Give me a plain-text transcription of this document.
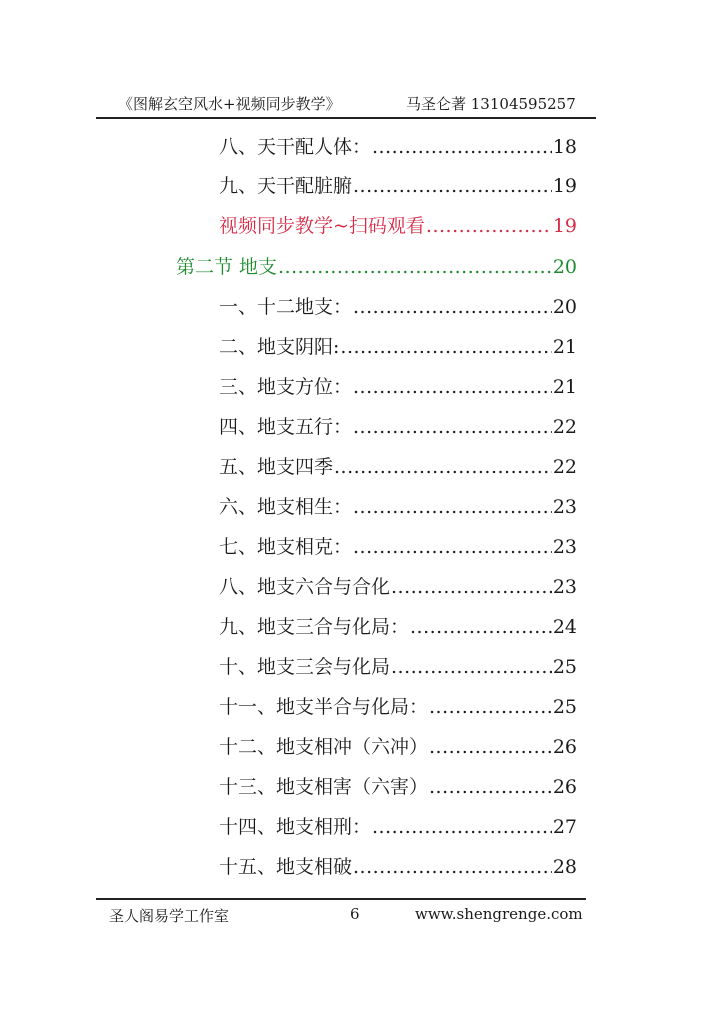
《图解玄空风水+视频同步教学》	马圣仑著 13104595257
八、天干配人体： .....	18
九、天干配脏腑 .....	19
视频同步教学~扫码观看 .....	19
第二节 地支 .....	20
一、十二地支： .....	20
二、地支阴阳: .....	21
三、地支方位： .....	21
四、地支五行： .....	22
五、地支四季 .....	22
六、地支相生： .....	23
七、地支相克： .....	23
八、地支六合与合化 .....	23
九、地支三合与化局： .....	24
十、地支三会与化局 .....	25
十一、地支半合与化局： .....	25
十二、地支相冲（六冲） .....	26
十三、地支相害（六害） .....	26
十四、地支相刑： .....	27
十五、地支相破 .....	28
圣人阁易学工作室	6	www.shengrenge.com
